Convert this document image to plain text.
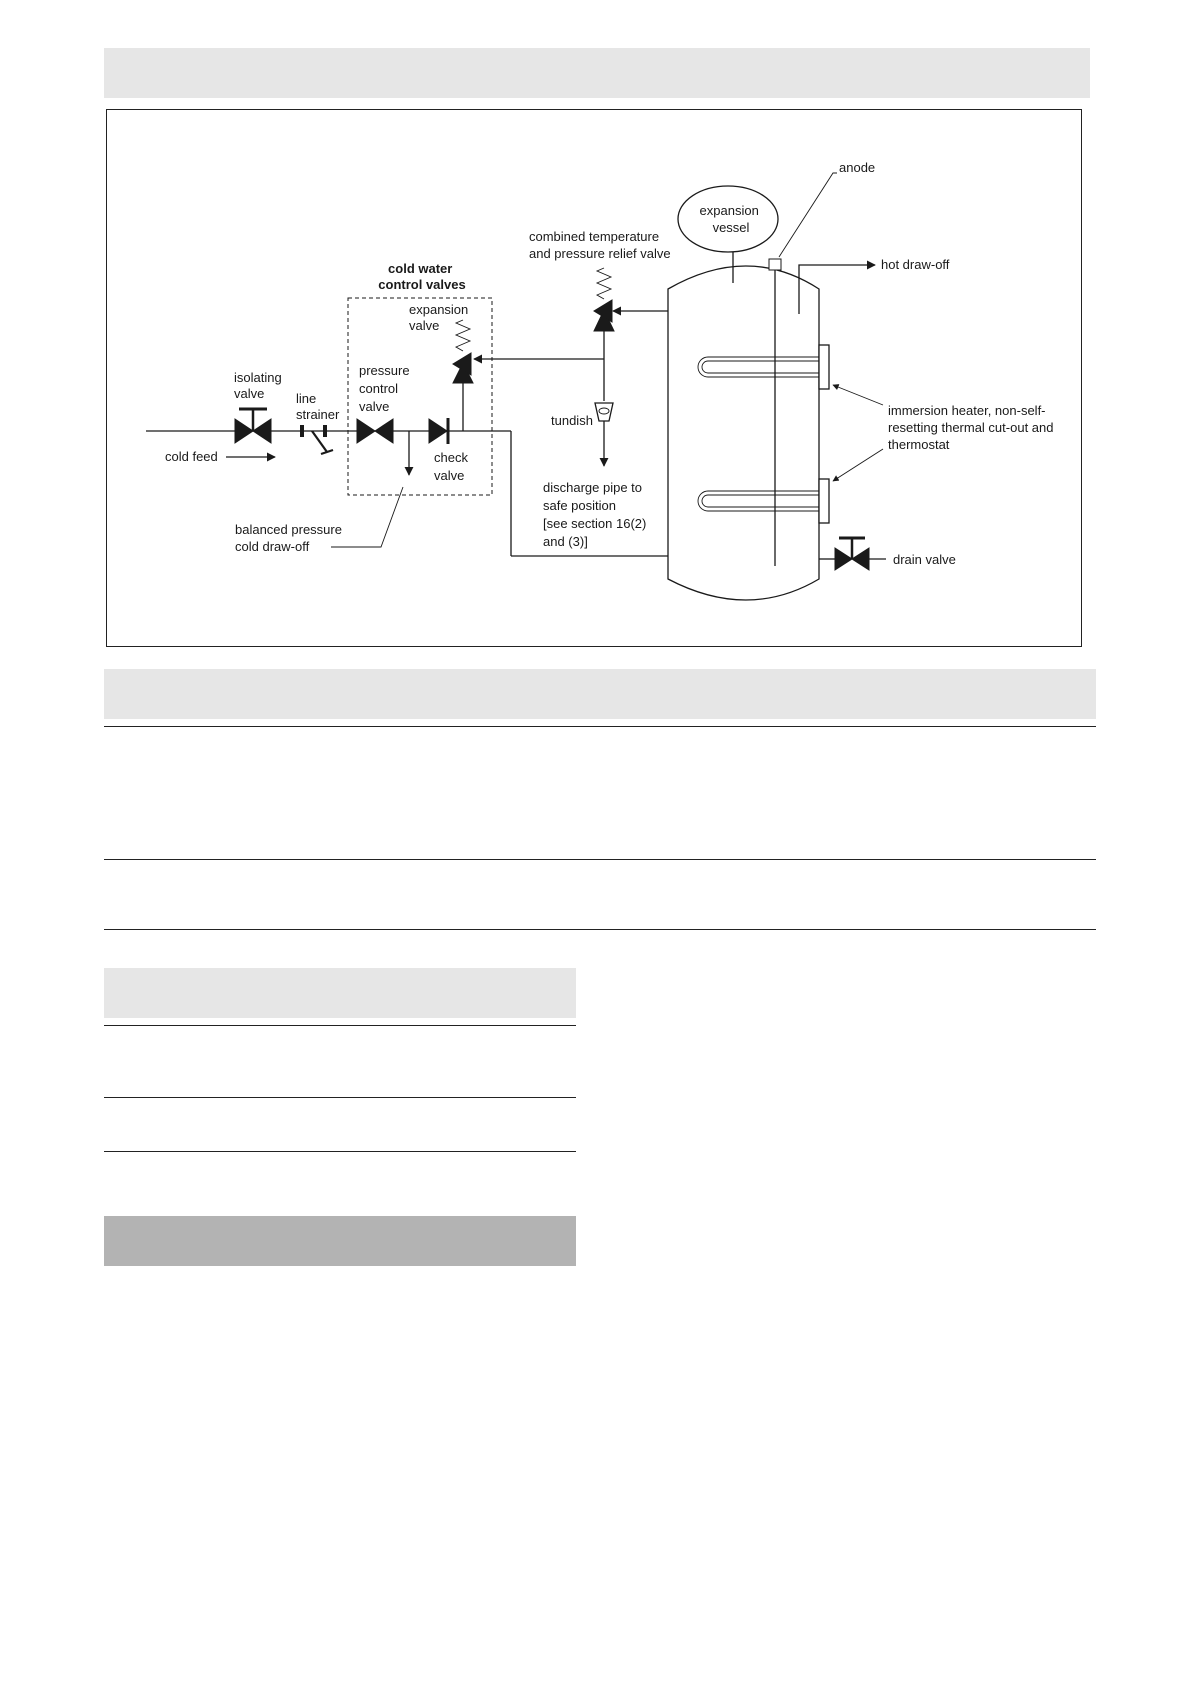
cold water control valves
expansion valve
isolating valve	line strainer
pressure control valve
check valve
cold feed
balanced pressure cold draw-off
combined temperature and pressure relief valve
tundish
discharge pipe to safe position [see section 16(2) and (3)]
expansion vessel
anode
hot draw-off
immersion heater, non-self- resetting thermal cut-out and thermostat
drain valve
